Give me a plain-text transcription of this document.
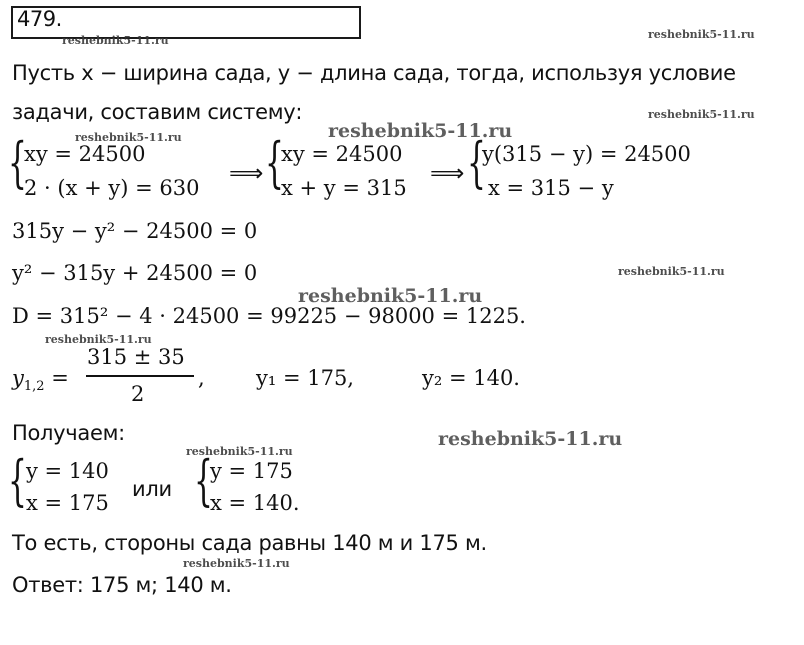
479.
Пусть x − ширина сада, y − длина сада, тогда, используя условие
задачи, составим систему:
{
xy = 24500
2 · (x + y) = 630
⟹ {
xy = 24500
x + y = 315
⟹ {
y(315 − y) = 24500
x = 315 − y
315y − y² − 24500 = 0
y² − 315y + 24500 = 0
D = 315² − 4 · 24500 = 99225 − 98000 = 1225.
$y_{1,2}$ =
315 ± 35
2
, y₁ = 175,	y₂ = 140.
Получаем:
{ y = 140
x = 175
или {
y = 175
x = 140.
То есть, стороны сада равны 140 м и 175 м.
Ответ: 175 м; 140 м.
reshebnik5-11.ru	reshebnik5-11.ru
reshebnik5-11.ru
reshebnik5-11.ru
reshebnik5-11.ru
reshebnik5-11.ru
reshebnik5-11.ru
reshebnik5-11.ru
reshebnik5-11.ru
reshebnik5-11.ru
reshebnik5-11.ru
